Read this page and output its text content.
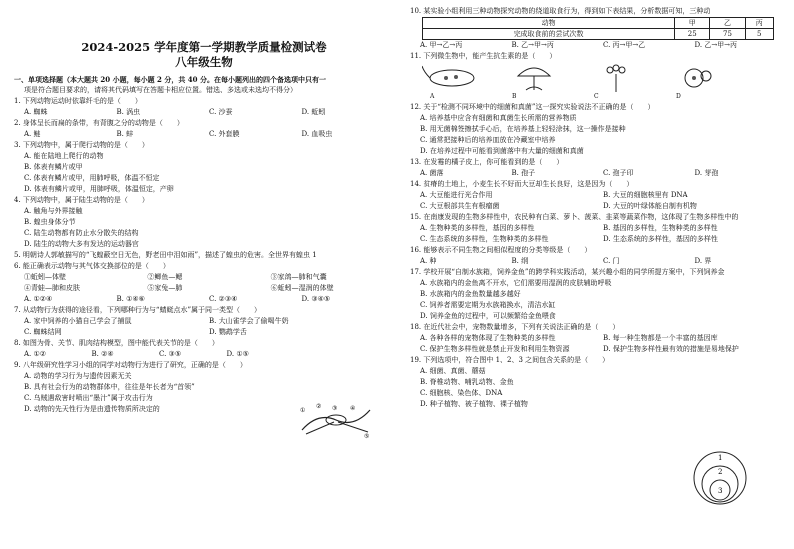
2024-2025 学年度第一学期教学质量检测试卷
八年级生物
一、单项选择题（本大题共 20 小题，每小题 2 分，共 40 分。在每小题列出的四个备选项中只有一
项是符合题目要求的，请将其代码填写在答题卡相应位置。错选、多选或未选均不得分）
1. 下列动物运动时依靠纤毛的是（　　）
A. 蜘蛛	B. 涡虫	C. 沙蚕	D. 蚯蚓
2. 身体呈长而扁的条带，有背腹之分的动物是（　　）
A. 鲢	B. 蚌	C. 外套膜	D. 血吸虫
3. 下列动物中，属于爬行动物的是（　　）
A. 能在陆地上爬行的动物
B. 体表有鳞片或甲
C. 体表有鳞片或甲，用肺呼吸，体温不恒定
D. 体表有鳞片或甲，用肺呼吸，体温恒定，产卵
4. 下列动物中，属于陆生动物的是（　　）
A. 触角与外界接触
B. 蝗虫身体分节
C. 陆生动物都有防止水分散失的结构
D. 陆生的动物大多有发达的运动器官
5. 明朝诗人郭敏描写的“飞蝗蔽空日无色，野老田中泪如雨”，描述了蝗虫的危害。全世界有蝗虫 1
6. 能正确表示动物与其气体交换部位的是（　　）
①蚯蚓—体壁	②鲫鱼—鳃	③家鸽—肺和气囊
④青蛙—肺和皮肤	⑤家兔—肺	⑥蚯蚓—湿润的体壁
A. ①②④	B. ①④⑥	C. ②③④	D. ③④⑤
7. 从动物行为获得的途径看，下列哪种行为与“蜻蜓点水”属于同一类型（　　）
A. 家中饲养的小猫自己学会了捕鼠	B. 大山雀学会了偷喝牛奶
C. 蜘蛛结网	D. 鹦鹉学舌
8. 如图为骨、关节、肌肉结构模型，图中能代表关节的是（　　）
A. ①②	B. ②④	C. ③⑤	D. ①⑤
9. 八年级研究性学习小组的同学对动物行为进行了研究，正确的是（　　）
A. 动物的学习行为与遗传因素无关
B. 具有社会行为的动物群体中，往往是年长者为“首领”
C. 乌贼遇敌害时喷出“墨汁”属于攻击行为
D. 动物的先天性行为是由遗传物质所决定的	①
② ③ ④
⑤
10. 某实验小组利用三种动物探究动物的绕道取食行为，得到如下表结果，分析数据可知，三种动
动物	甲	乙	丙
完成取食前的尝试次数	25	75	5
A. 甲→乙→丙	B. 乙→甲→丙	C. 丙→甲→乙	D. 乙→甲→丙
11. 下列微生物中，能产生抗生素的是（　　）
A	B	C	D
12. 关于“检测不同环境中的细菌和真菌”这一探究实验说法不正确的是（　　）
A. 培养基中应含有细菌和真菌生长所需的营养物质
B. 用无菌棉签擦拭手心后，在培养基上轻轻涂抹，这一操作是接种
C. 通常把接种后的培养皿放在冷藏室中培养
D. 在培养过程中可能看到菌落中有大量的细菌和真菌
13. 在发霉的橘子皮上，你可能看到的是（　　）
A. 菌落	B. 孢子	C. 孢子印	D. 芽孢
14. 贫瘠的土地上，小麦生长不好而大豆却生长良好，这是因为（　　）
A. 大豆能进行光合作用	B. 大豆的细胞核里有 DNA
C. 大豆根部共生有根瘤菌	D. 大豆的叶绿体能自制有机物
15. 在南康发现的生物多样性中，农民种有白菜、萝卜、菠菜、韭菜等蔬菜作物，这体现了生物多样性中的
A. 生物种类的多样性，基因的多样性	B. 基因的多样性，生物种类的多样性
C. 生态系统的多样性，生物种类的多样性	D. 生态系统的多样性，基因的多样性
16. 能够表示不同生物之间相似程度的分类等级是（　　）
A. 种	B. 纲	C. 门	D. 界
17. 学校开展“自制水族箱，饲养金鱼”的跨学科实践活动，某兴趣小组的同学所提方案中，下列饲养金
A. 水族箱内的金鱼离不开水，它们需要用湿润的皮肤辅助呼吸
B. 水族箱内的金鱼数量越多越好
C. 饲养者需要定期为水族箱换水，清洁水缸
D. 饲养金鱼的过程中，可以频繁给金鱼喂食
18. 在近代社会中，宠物数量增多，下列有关说法正确的是（　　）
A. 各种各样的宠物体现了生物种类的多样性	B. 每一种生物都是一个丰富的基因库
C. 保护生物多样性就是禁止开发和利用生物资源	D. 保护生物多样性最有效的措施是易地保护
19. 下列选项中，符合图中 1、2、3 之间包含关系的是（　　）
A. 细菌、真菌、蘑菇
B. 脊椎动物、哺乳动物、金鱼
C. 细胞核、染色体、DNA
D. 种子植物、被子植物、裸子植物
1
2
3
